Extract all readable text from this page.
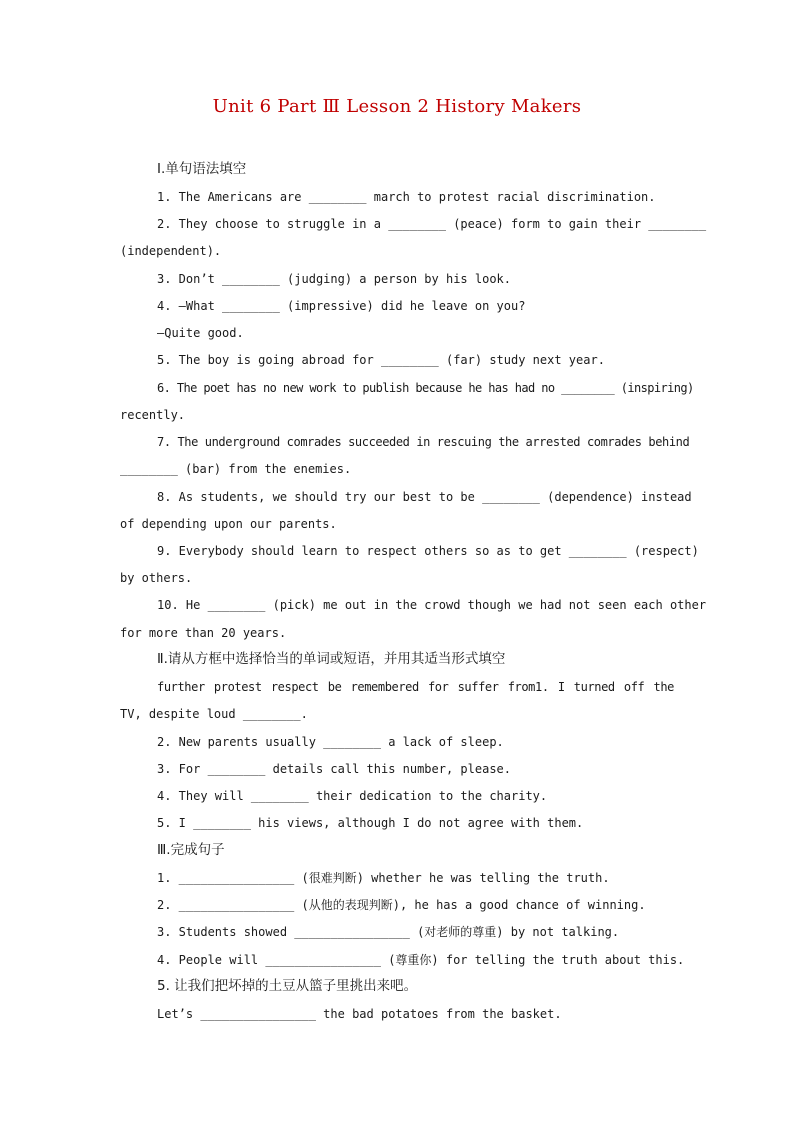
Unit 6 Part Ⅲ Lesson 2 History Makers
Ⅰ.单句语法填空
1. The Americans are ________ march to protest racial discrimination.
2. They choose to struggle in a ________ (peace) form to gain their ________
(independent).
3. Don’t ________ (judging) a person by his look.
4. —What ________ (impressive) did he leave on you?
—Quite good.
5. The boy is going abroad for ________ (far) study next year.
6. The poet has no new work to publish because he has had no ________ (inspiring)
recently.
7. The underground comrades succeeded in rescuing the arrested comrades behind
________ (bar) from the enemies.
8. As students, we should try our best to be ________ (dependence) instead
of depending upon our parents.
9. Everybody should learn to respect others so as to get ________ (respect)
by others.
10. He ________ (pick) me out in the crowd though we had not seen each other
for more than 20 years.
Ⅱ.请从方框中选择恰当的单词或短语，并用其适当形式填空
further protest respect be remembered for suffer from1. I turned off the
TV, despite loud ________.
2. New parents usually ________ a lack of sleep.
3. For ________ details call this number, please.
4. They will ________ their dedication to the charity.
5. I ________ his views, although I do not agree with them.
Ⅲ.完成句子
1. ________________ (很难判断) whether he was telling the truth.
2. ________________ (从他的表现判断), he has a good chance of winning.
3. Students showed ________________ (对老师的尊重) by not talking.
4. People will ________________ (尊重你) for telling the truth about this.
5. 让我们把坏掉的土豆从篮子里挑出来吧。
Let’s ________________ the bad potatoes from the basket.
